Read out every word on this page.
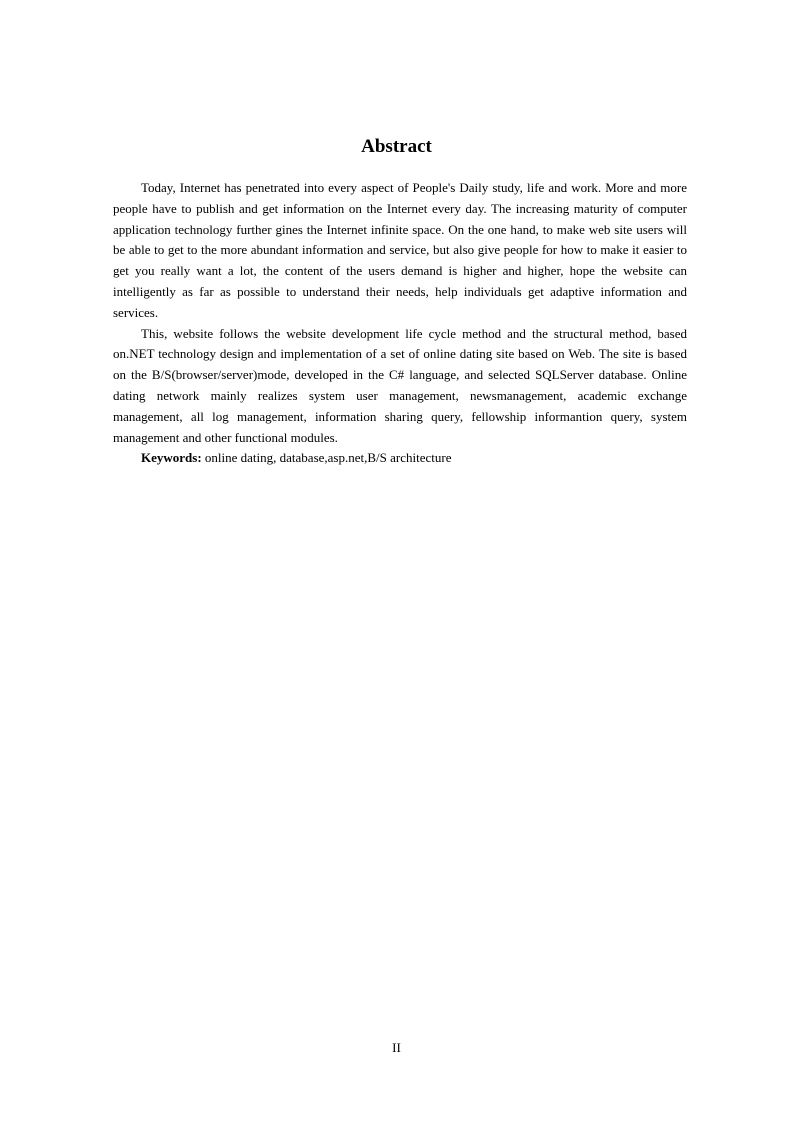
Abstract

Today, Internet has penetrated into every aspect of People's Daily study, life and work. More and more people have to publish and get information on the Internet every day. The increasing maturity of computer application technology further gines the Internet infinite space. On the one hand, to make web site users will be able to get to the more abundant information and service, but also give people for how to make it easier to get you really want a lot, the content of the users demand is higher and higher, hope the website can intelligently as far as possible to understand their needs, help individuals get adaptive information and services.

This, website follows the website development life cycle method and the structural method, based on.NET technology design and implementation of a set of online dating site based on Web. The site is based on the B/S(browser/server)mode, developed in the C# language, and selected SQLServer database. Online dating network mainly realizes system user management, newsmanagement, academic exchange management, all log management, information sharing query, fellowship informantion query, system management and other functional modules.

Keywords: online dating, database,asp.net,B/S architecture

II
